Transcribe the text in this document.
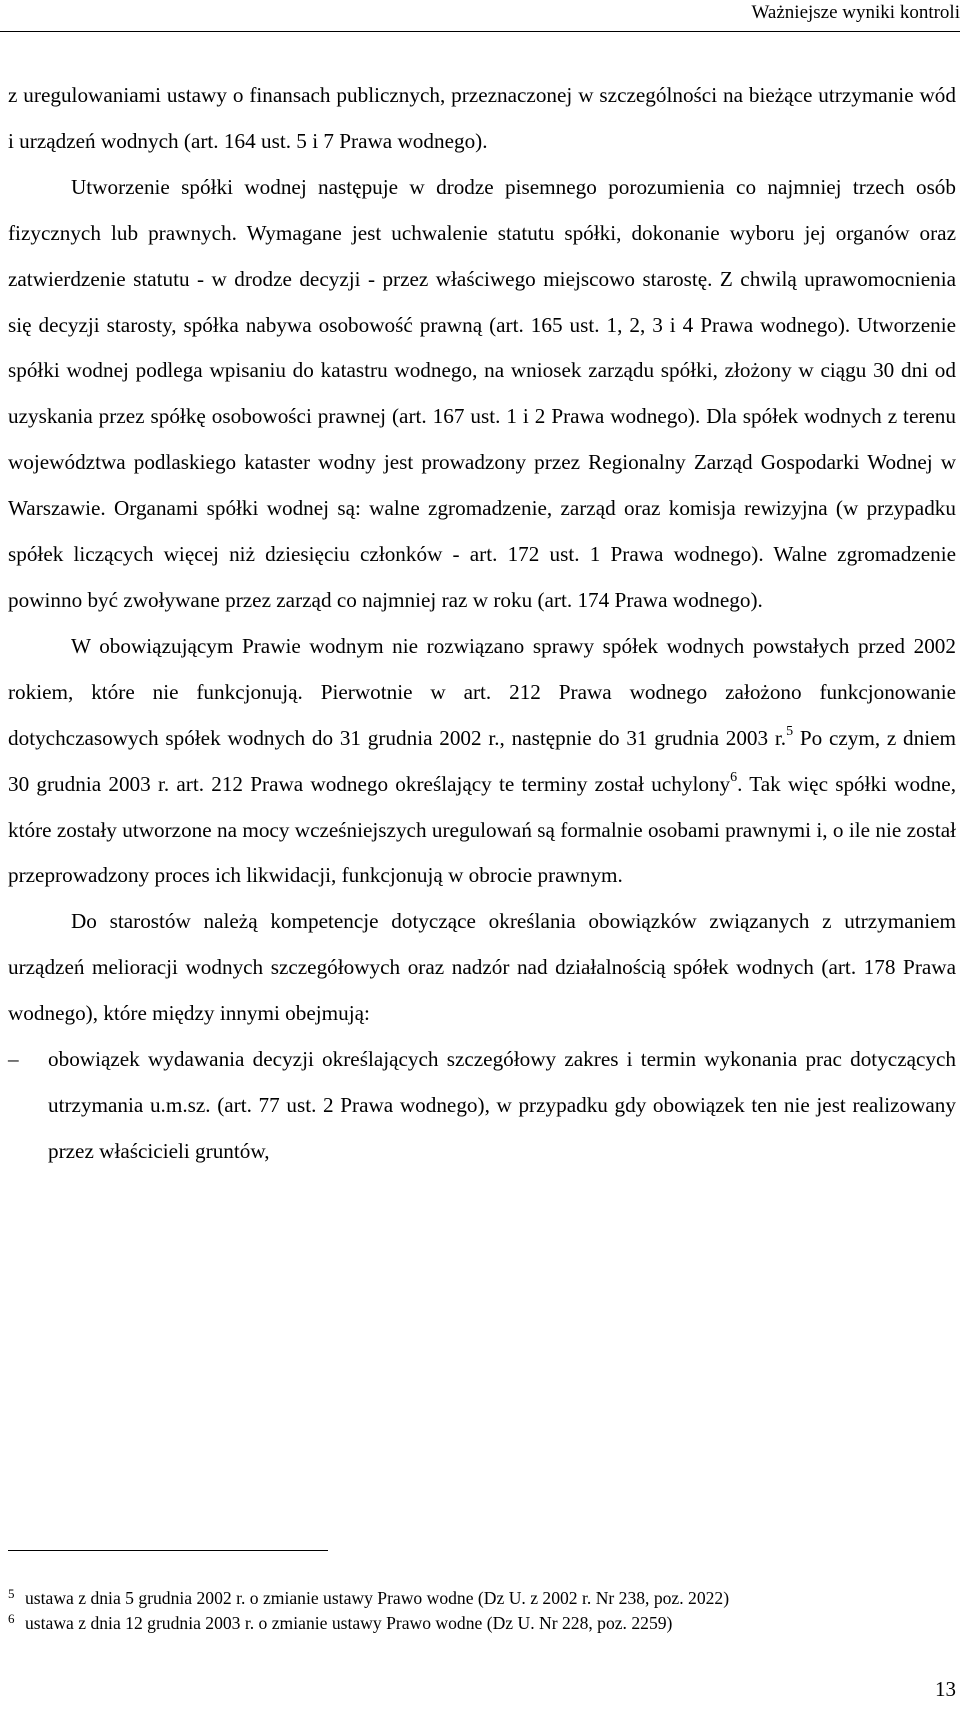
Ważniejsze wyniki kontroli

z uregulowaniami ustawy o finansach publicznych, przeznaczonej w szczególności na bieżące utrzymanie wód i urządzeń wodnych (art. 164 ust. 5 i 7 Prawa wodnego).

Utworzenie spółki wodnej następuje w drodze pisemnego porozumienia co najmniej trzech osób fizycznych lub prawnych. Wymagane jest uchwalenie statutu spółki, dokonanie wyboru jej organów oraz zatwierdzenie statutu - w drodze decyzji - przez właściwego miejscowo starostę. Z chwilą uprawomocnienia się decyzji starosty, spółka nabywa osobowość prawną (art. 165 ust. 1, 2, 3 i 4 Prawa wodnego). Utworzenie spółki wodnej podlega wpisaniu do katastru wodnego, na wniosek zarządu spółki, złożony w ciągu 30 dni od uzyskania przez spółkę osobowości prawnej (art. 167 ust. 1 i 2 Prawa wodnego). Dla spółek wodnych z terenu województwa podlaskiego kataster wodny jest prowadzony przez Regionalny Zarząd Gospodarki Wodnej w Warszawie. Organami spółki wodnej są: walne zgromadzenie, zarząd oraz komisja rewizyjna (w przypadku spółek liczących więcej niż dziesięciu członków - art. 172 ust. 1 Prawa wodnego). Walne zgromadzenie powinno być zwoływane przez zarząd co najmniej raz w roku (art. 174 Prawa wodnego).

W obowiązującym Prawie wodnym nie rozwiązano sprawy spółek wodnych powstałych przed 2002 rokiem, które nie funkcjonują. Pierwotnie w art. 212 Prawa wodnego założono funkcjonowanie dotychczasowych spółek wodnych do 31 grudnia 2002 r., następnie do 31 grudnia 2003 r.$^5$ Po czym, z dniem 30 grudnia 2003 r. art. 212 Prawa wodnego określający te terminy został uchylony$^6$. Tak więc spółki wodne, które zostały utworzone na mocy wcześniejszych uregulowań są formalnie osobami prawnymi i, o ile nie został przeprowadzony proces ich likwidacji, funkcjonują w obrocie prawnym.

Do starostów należą kompetencje dotyczące określania obowiązków związanych z utrzymaniem urządzeń melioracji wodnych szczegółowych oraz nadzór nad działalnością spółek wodnych (art. 178 Prawa wodnego), które między innymi obejmują:

– obowiązek wydawania decyzji określających szczegółowy zakres i termin wykonania prac dotyczących utrzymania u.m.sz. (art. 77 ust. 2 Prawa wodnego), w przypadku gdy obowiązek ten nie jest realizowany przez właścicieli gruntów,
5 ustawa z dnia 5 grudnia 2002 r. o zmianie ustawy Prawo wodne (Dz U. z 2002 r. Nr 238, poz. 2022)
6 ustawa z dnia 12 grudnia 2003 r. o zmianie ustawy Prawo wodne (Dz U. Nr 228, poz. 2259)
13
